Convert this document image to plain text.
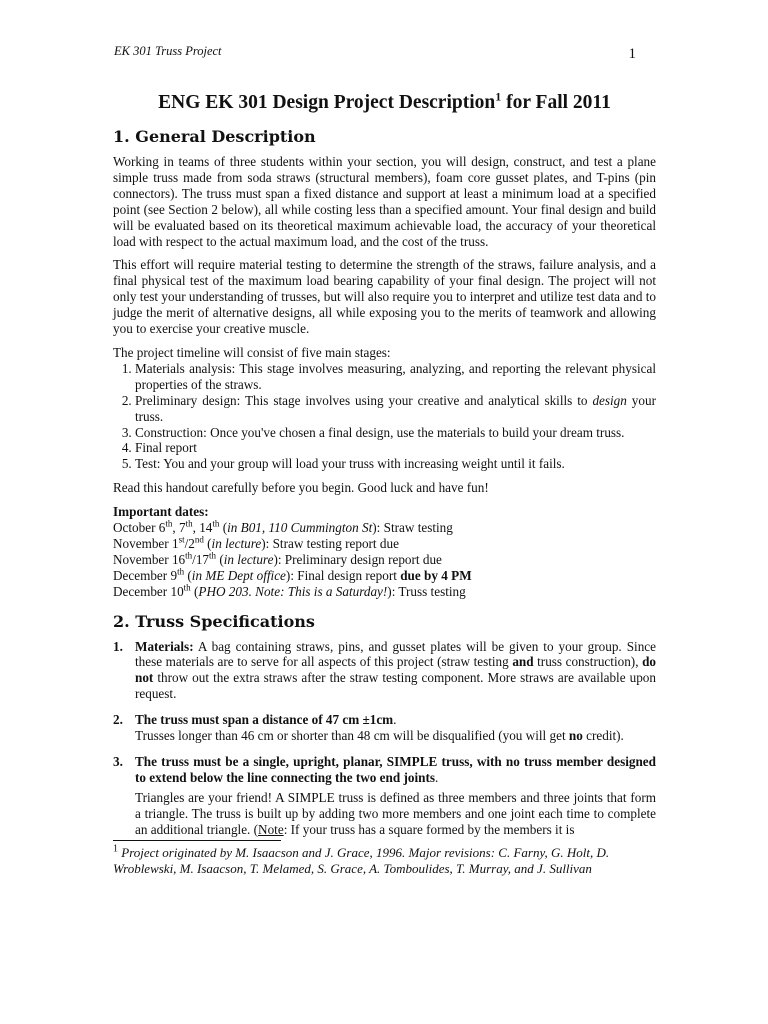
EK 301 Truss Project	1
ENG EK 301 Design Project Description$^1$ for Fall 2011
1. General Description

Working in teams of three students within your section, you will design, construct, and test a plane simple truss made from soda straws (structural members), foam core gusset plates, and T-pins (pin connectors). The truss must span a fixed distance and support at least a minimum load at a specified point (see Section 2 below), all while costing less than a specified amount. Your final design and build will be evaluated based on its theoretical maximum achievable load, the accuracy of your theoretical load with respect to the actual maximum load, and the cost of the truss.

This effort will require material testing to determine the strength of the straws, failure analysis, and a final physical test of the maximum load bearing capability of your final design. The project will not only test your understanding of trusses, but will also require you to interpret and utilize test data and to judge the merit of alternative designs, all while exposing you to the merits of teamwork and allowing you to exercise your creative muscle.

The project timeline will consist of five main stages:

1. Materials analysis: This stage involves measuring, analyzing, and reporting the relevant physical properties of the straws.
2. Preliminary design: This stage involves using your creative and analytical skills to design your truss.
3. Construction: Once you've chosen a final design, use the materials to build your dream truss.
4. Final report
5. Test: You and your group will load your truss with increasing weight until it fails.

Read this handout carefully before you begin. Good luck and have fun!

Important dates:
October 6th, 7th, 14th (in B01, 110 Cummington St): Straw testing
November 1st/2nd (in lecture): Straw testing report due
November 16th/17th (in lecture): Preliminary design report due
December 9th (in ME Dept office): Final design report due by 4 PM
December 10th (PHO 203. Note: This is a Saturday!): Truss testing
2. Truss Specifications
1. Materials: A bag containing straws, pins, and gusset plates will be given to your group. Since these materials are to serve for all aspects of this project (straw testing and truss construction), do not throw out the extra straws after the straw testing component. More straws are available upon request.

2. The truss must span a distance of 47 cm ±1cm.

Trusses longer than 46 cm or shorter than 48 cm will be disqualified (you will get no credit).

3. The truss must be a single, upright, planar, SIMPLE truss, with no truss member designed to extend below the line connecting the two end joints.

Triangles are your friend! A SIMPLE truss is defined as three members and three joints that form a triangle. The truss is built up by adding two more members and one joint each time to complete an additional triangle. (Note: If your truss has a square formed by the members it is

$^1$ Project originated by M. Isaacson and J. Grace, 1996. Major revisions: C. Farny, G. Holt, D. Wroblewski, M. Isaacson, T. Melamed, S. Grace, A. Tomboulides, T. Murray, and J. Sullivan
